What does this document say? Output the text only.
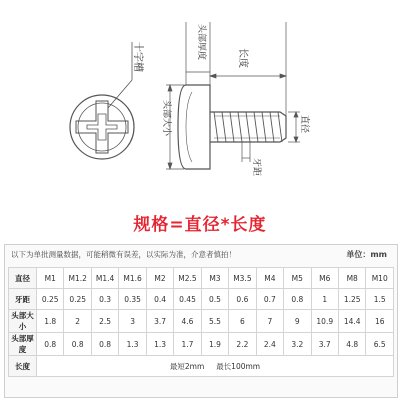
十字槽
头部大小
头部厚度	长度
直径
牙距
规格=直径*长度
以下为单批测量数据，可能稍微有误差，以实际为准，介意者慎拍！	单位：mm
直径	M1	M1.2	M1.4	M1.6	M2	M2.5	M3	M3.5	M4	M5	M6	M8	M10
牙距	0.25	0.25	0.3	0.35	0.4	0.45	0.5	0.6	0.7	0.8	1	1.25	1.5
头部大小	1.8	2	2.5	3	3.7	4.6	5.5	6	7	9	10.9	14.4	16
头部厚度	0.8	0.8	0.8	1.3	1.3	1.7	1.9	2.2	2.4	3.2	3.7	4.8	6.5
长度	最短2mm 最长100mm												
